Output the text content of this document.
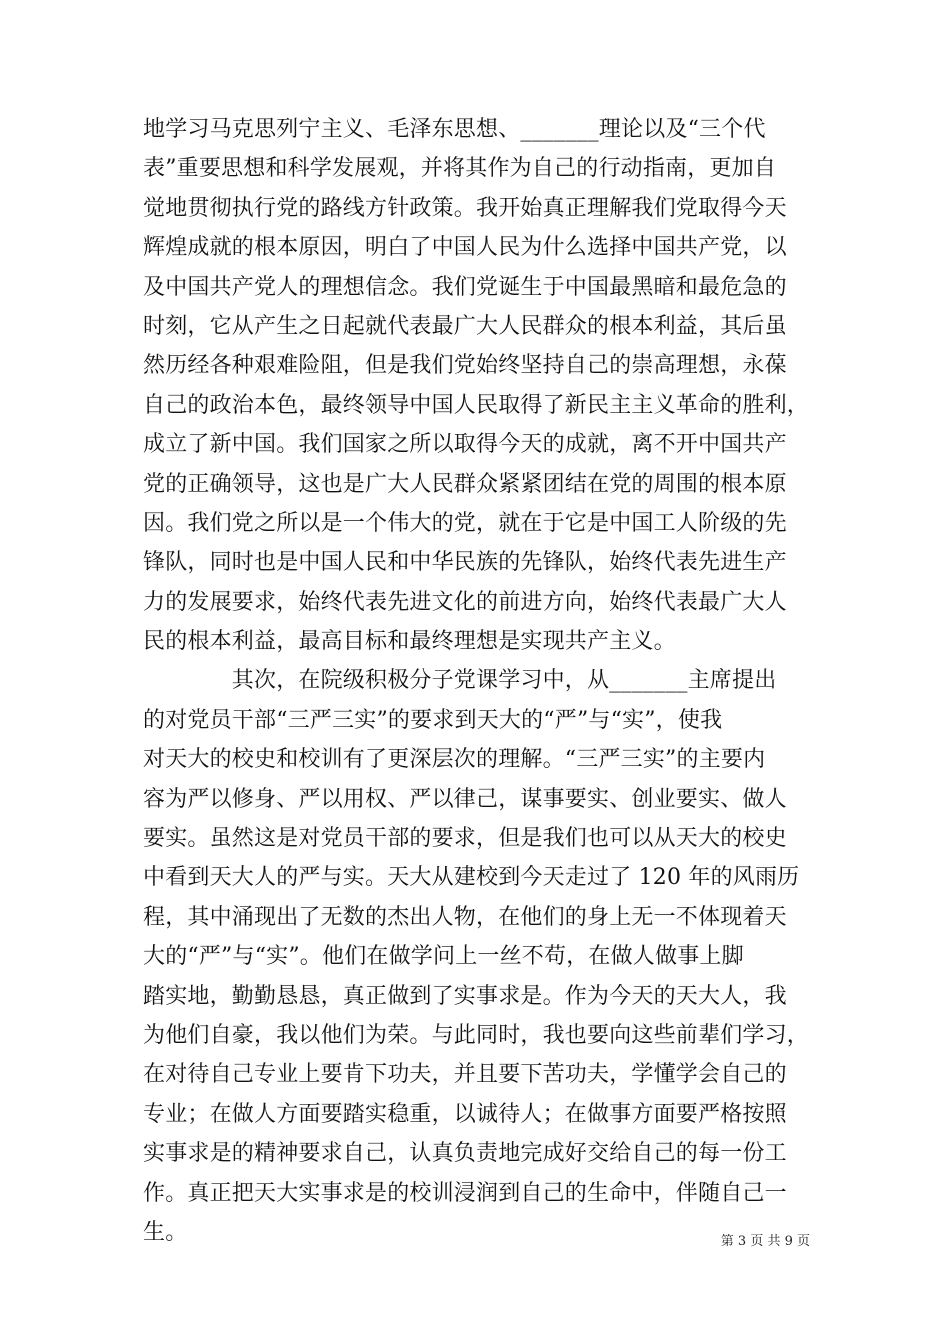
地学习马克思列宁主义、毛泽东思想、_______理论以及“三个代
表”重要思想和科学发展观，并将其作为自己的行动指南，更加自
觉地贯彻执行党的路线方针政策。我开始真正理解我们党取得今天
辉煌成就的根本原因，明白了中国人民为什么选择中国共产党，以
及中国共产党人的理想信念。我们党诞生于中国最黑暗和最危急的
时刻，它从产生之日起就代表最广大人民群众的根本利益，其后虽
然历经各种艰难险阻，但是我们党始终坚持自己的崇高理想，永葆
自己的政治本色，最终领导中国人民取得了新民主主义革命的胜利，
成立了新中国。我们国家之所以取得今天的成就，离不开中国共产
党的正确领导，这也是广大人民群众紧紧团结在党的周围的根本原
因。我们党之所以是一个伟大的党，就在于它是中国工人阶级的先
锋队，同时也是中国人民和中华民族的先锋队，始终代表先进生产
力的发展要求，始终代表先进文化的前进方向，始终代表最广大人
民的根本利益，最高目标和最终理想是实现共产主义。
　　　　其次，在院级积极分子党课学习中，从_______主席提出
的对党员干部“三严三实”的要求到天大的“严”与“实”，使我
对天大的校史和校训有了更深层次的理解。“三严三实”的主要内
容为严以修身、严以用权、严以律己，谋事要实、创业要实、做人
要实。虽然这是对党员干部的要求，但是我们也可以从天大的校史
中看到天大人的严与实。天大从建校到今天走过了 120 年的风雨历
程，其中涌现出了无数的杰出人物，在他们的身上无一不体现着天
大的“严”与“实”。他们在做学问上一丝不苟，在做人做事上脚
踏实地，勤勤恳恳，真正做到了实事求是。作为今天的天大人，我
为他们自豪，我以他们为荣。与此同时，我也要向这些前辈们学习，
在对待自己专业上要肯下功夫，并且要下苦功夫，学懂学会自己的
专业；在做人方面要踏实稳重，以诚待人；在做事方面要严格按照
实事求是的精神要求自己，认真负责地完成好交给自己的每一份工
作。真正把天大实事求是的校训浸润到自己的生命中，伴随自己一
生。	第 3 页 共 9 页
